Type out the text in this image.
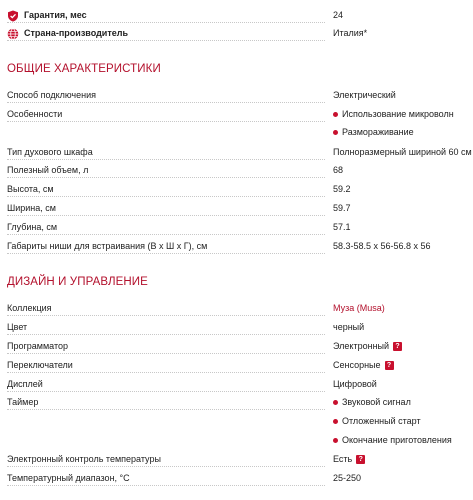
Гарантия, мес	24
Страна-производитель	Италия*
ОБЩИЕ ХАРАКТЕРИСТИКИ
Способ подключения	Электрический
Особенности	Использование микроволн
Размораживание
Тип духового шкафа	Полноразмерный шириной 60 см
Полезный объем, л	68
Высота, см	59.2
Ширина, см	59.7
Глубина, см	57.1
Габариты ниши для встраивания (В х Ш х Г), см	58.3-58.5 х 56-56.8 х 56
ДИЗАЙН И УПРАВЛЕНИЕ
Коллекция	Муза (Musa)
Цвет	черный
Программатор	Электронный ?
Переключатели	Сенсорные ?
Дисплей	Цифровой
Таймер	Звуковой сигнал
Отложенный старт
Окончание приготовления
Электронный контроль температуры	Есть ?
Температурный диапазон, °С	25-250
